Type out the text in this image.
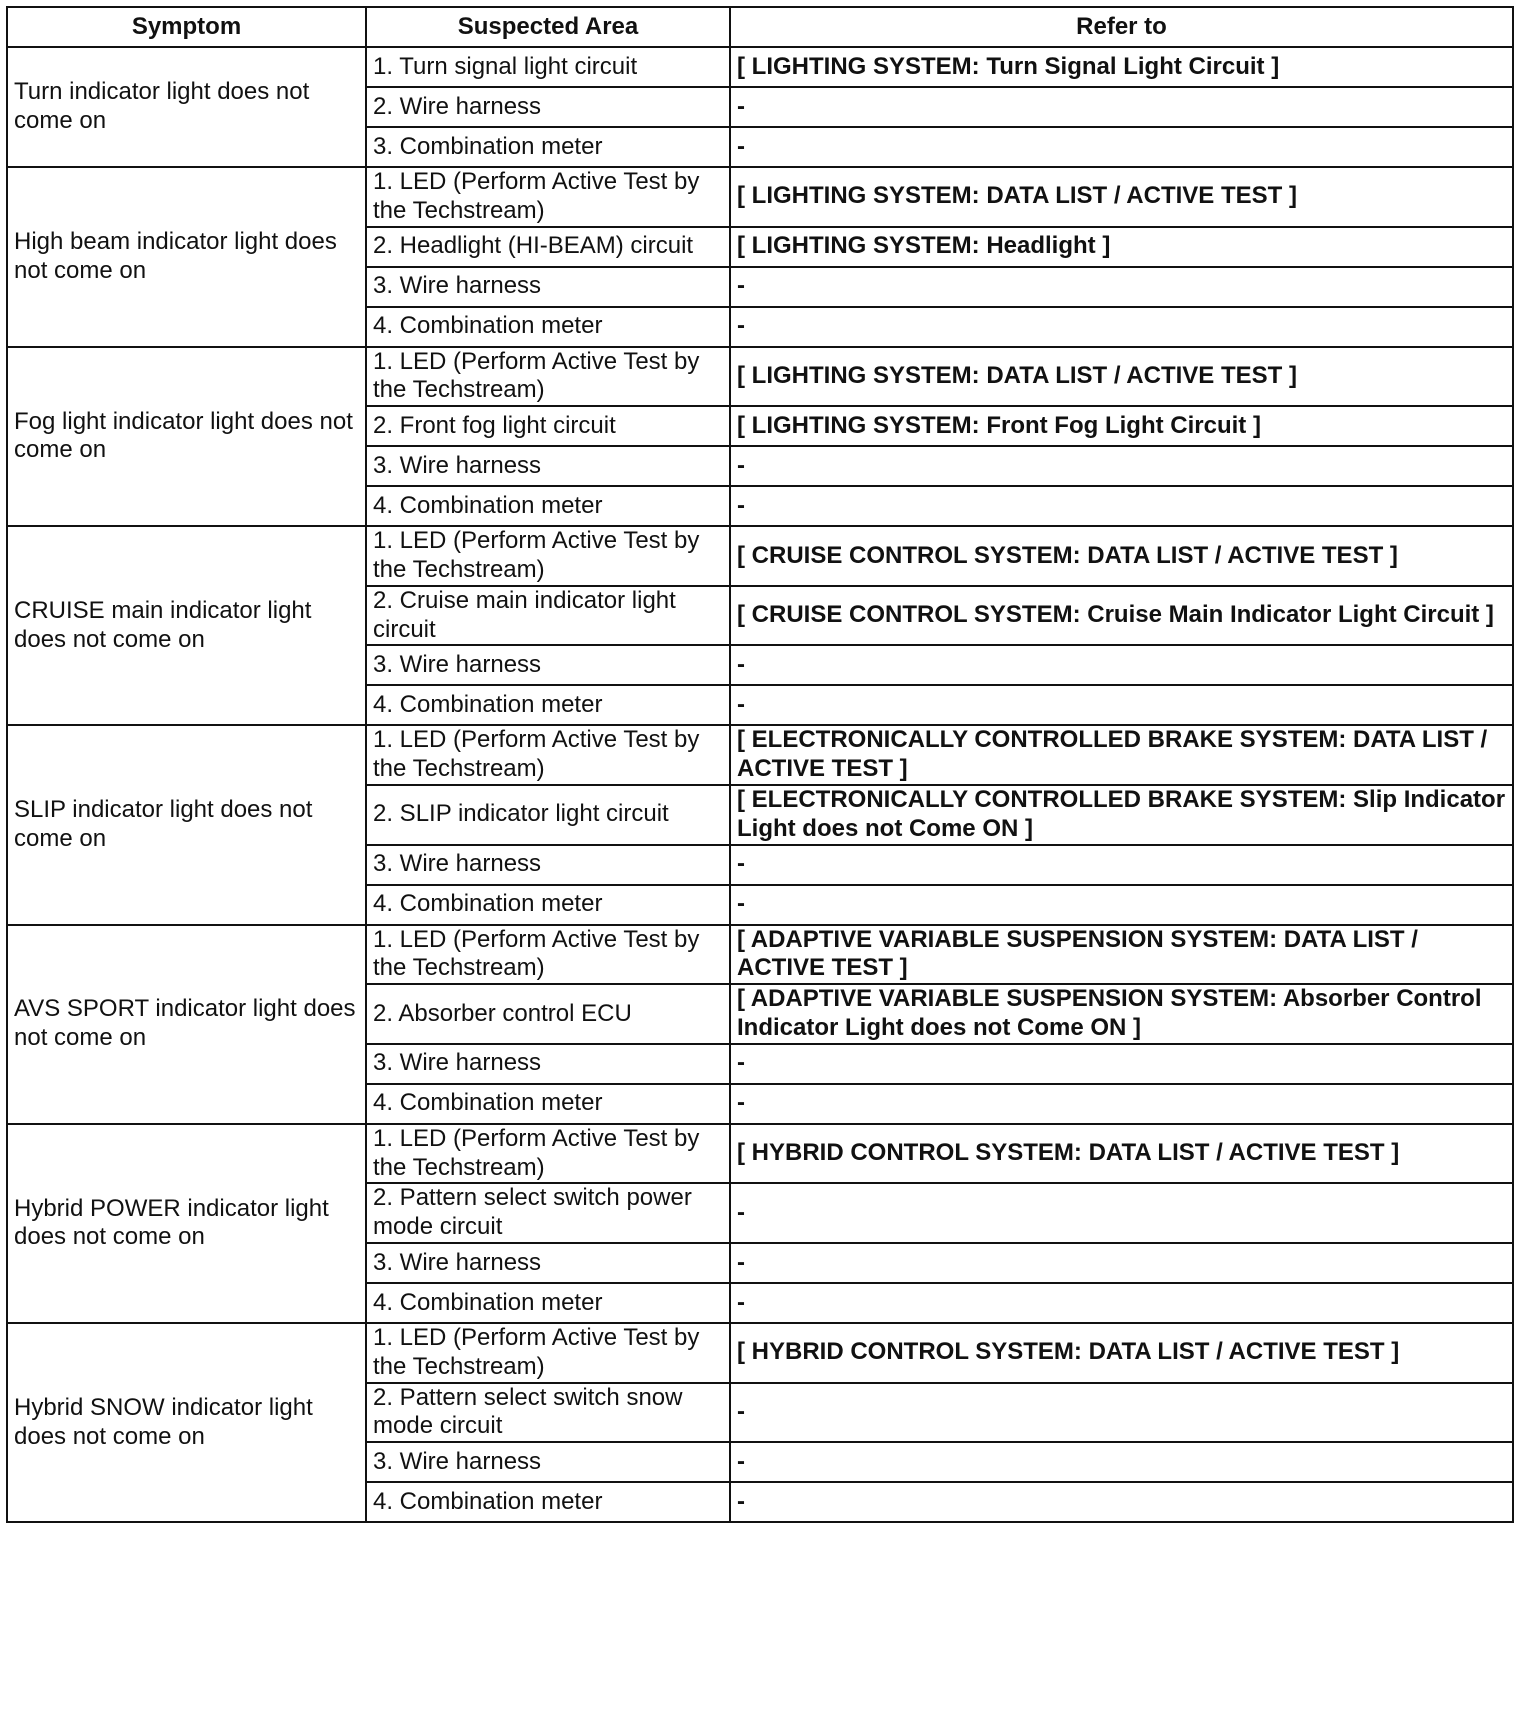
Symptom	Suspected Area	Refer to
Turn indicator light does not come on	1. Turn signal light circuit	[ LIGHTING SYSTEM: Turn Signal Light Circuit ]
	2. Wire harness	-
	3. Combination meter	-
High beam indicator light does not come on	1. LED (Perform Active Test by the Techstream)	[ LIGHTING SYSTEM: DATA LIST / ACTIVE TEST ]
	2. Headlight (HI-BEAM) circuit	[ LIGHTING SYSTEM: Headlight ]
	3. Wire harness	-
	4. Combination meter	-
Fog light indicator light does not come on	1. LED (Perform Active Test by the Techstream)	[ LIGHTING SYSTEM: DATA LIST / ACTIVE TEST ]
	2. Front fog light circuit	[ LIGHTING SYSTEM: Front Fog Light Circuit ]
	3. Wire harness	-
	4. Combination meter	-
CRUISE main indicator light does not come on	1. LED (Perform Active Test by the Techstream)	[ CRUISE CONTROL SYSTEM: DATA LIST / ACTIVE TEST ]
	2. Cruise main indicator light circuit	[ CRUISE CONTROL SYSTEM: Cruise Main Indicator Light Circuit ]
	3. Wire harness	-
	4. Combination meter	-
SLIP indicator light does not come on	1. LED (Perform Active Test by the Techstream)	[ ELECTRONICALLY CONTROLLED BRAKE SYSTEM: DATA LIST / ACTIVE TEST ]
	2. SLIP indicator light circuit	[ ELECTRONICALLY CONTROLLED BRAKE SYSTEM: Slip Indicator Light does not Come ON ]
	3. Wire harness	-
	4. Combination meter	-
AVS SPORT indicator light does not come on	1. LED (Perform Active Test by the Techstream)	[ ADAPTIVE VARIABLE SUSPENSION SYSTEM: DATA LIST / ACTIVE TEST ]
	2. Absorber control ECU	[ ADAPTIVE VARIABLE SUSPENSION SYSTEM: Absorber Control Indicator Light does not Come ON ]
	3. Wire harness	-
	4. Combination meter	-
Hybrid POWER indicator light does not come on	1. LED (Perform Active Test by the Techstream)	[ HYBRID CONTROL SYSTEM: DATA LIST / ACTIVE TEST ]
	2. Pattern select switch power mode circuit	-
	3. Wire harness	-
	4. Combination meter	-
Hybrid SNOW indicator light does not come on	1. LED (Perform Active Test by the Techstream)	[ HYBRID CONTROL SYSTEM: DATA LIST / ACTIVE TEST ]
	2. Pattern select switch snow mode circuit	-
	3. Wire harness	-
	4. Combination meter	-
